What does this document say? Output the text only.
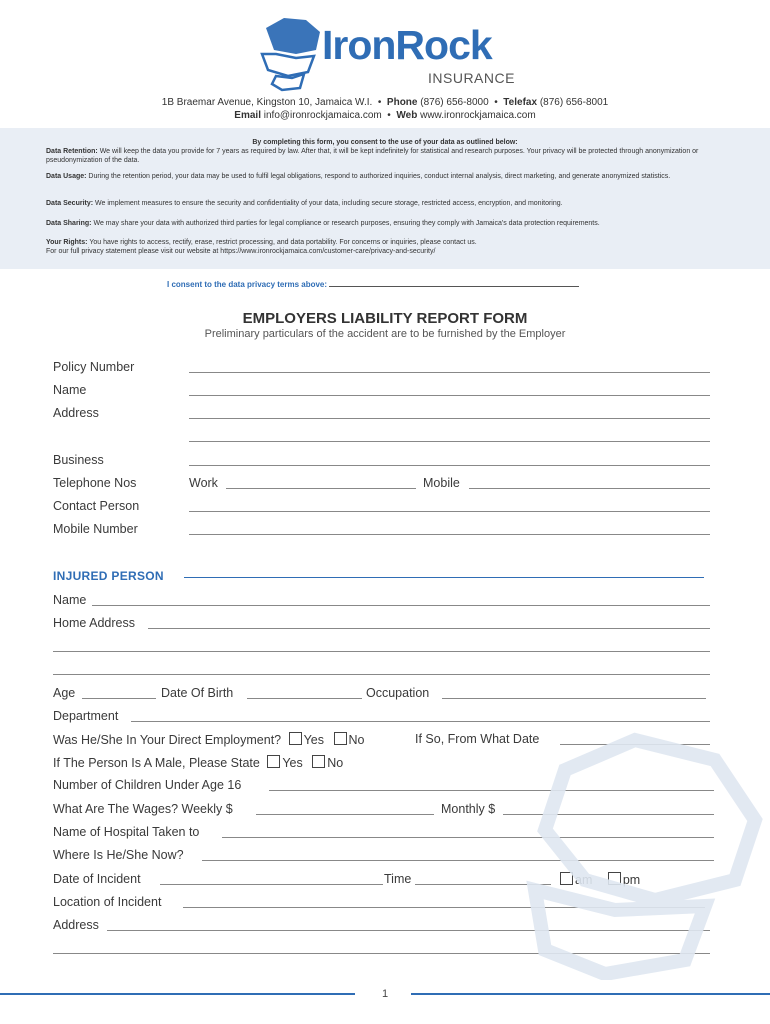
IronRock
INSURANCE
1B Braemar Avenue, Kingston 10, Jamaica W.I. • Phone (876) 656-8000 • Telefax (876) 656-8001
Email info@ironrockjamaica.com • Web www.ironrockjamaica.com

By completing this form, you consent to the use of your data as outlined below:

Data Retention: We will keep the data you provide for 7 years as required by law. After that, it will be kept indefinitely for statistical and research purposes. Your privacy will be protected through anonymization or pseudonymization of the data.

Data Usage: During the retention period, your data may be used to fulfil legal obligations, respond to authorized inquiries, conduct internal analysis, direct marketing, and generate anonymized statistics.

Data Security: We implement measures to ensure the security and confidentiality of your data, including secure storage, restricted access, encryption, and monitoring.

Data Sharing: We may share your data with authorized third parties for legal compliance or research purposes, ensuring they comply with Jamaica's data protection requirements.

Your Rights: You have rights to access, rectify, erase, restrict processing, and data portability. For concerns or inquiries, please contact us.

For our full privacy statement please visit our website at https://www.ironrockjamaica.com/customer-care/privacy-and-security/

I consent to the data privacy terms above:
EMPLOYERS LIABILITY REPORT FORM
Preliminary particulars of the accident are to be furnished by the Employer
Policy Number
Name
Address
Business
Telephone Nos	Work	Mobile
Contact Person
Mobile Number
INJURED PERSON
Name
Home Address
Age	Date Of Birth	Occupation
Department
Was He/She In Your Direct Employment? Yes No	If So, From What Date
If The Person Is A Male, Please State Yes No
Number of Children Under Age 16
What Are The Wages? Weekly $	Monthly $
Name of Hospital Taken to
Where Is He/She Now?
Date of Incident	Time	am pm
Location of Incident
Address
1
